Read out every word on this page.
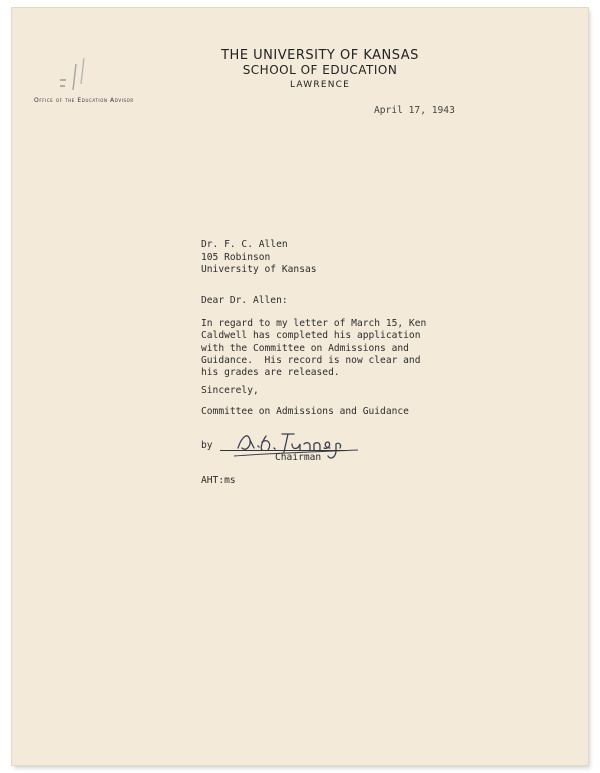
THE UNIVERSITY OF KANSAS
SCHOOL OF EDUCATION
LAWRENCE
Office of the Education Advisor
April 17, 1943
Dr. F. C. Allen
105 Robinson
University of Kansas
Dear Dr. Allen:
In regard to my letter of March 15, Ken
Caldwell has completed his application
with the Committee on Admissions and
Guidance.  His record is now clear and
his grades are released.
Sincerely,
Committee on Admissions and Guidance
by
Chairman
AHT:ms
